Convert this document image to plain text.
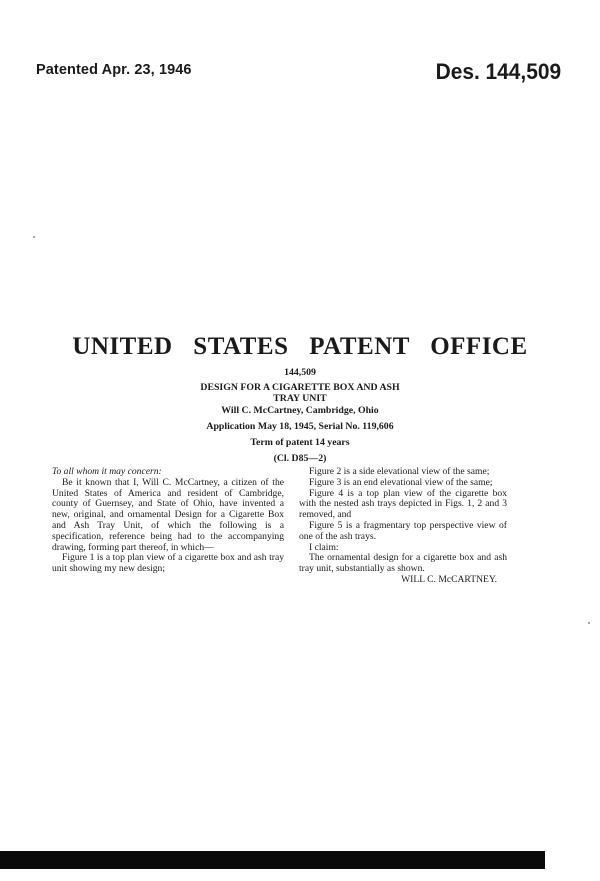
Patented Apr. 23, 1946	Des. 144,509
UNITED STATES PATENT OFFICE
144,509
DESIGN FOR A CIGARETTE BOX AND ASH
TRAY UNIT
Will C. McCartney, Cambridge, Ohio
Application May 18, 1945, Serial No. 119,606
Term of patent 14 years
(Cl. D85—2)

To all whom it may concern:

Be it known that I, Will C. McCartney, a citizen of the United States of America and resident of Cambridge, county of Guernsey, and State of Ohio, have invented a new, original, and ornamental Design for a Cigarette Box and Ash Tray Unit, of which the following is a specification, reference being had to the accompanying drawing, forming part thereof, in which—

Figure 1 is a top plan view of a cigarette box and ash tray unit showing my new design;

Figure 2 is a side elevational view of the same;

Figure 3 is an end elevational view of the same;

Figure 4 is a top plan view of the cigarette box with the nested ash trays depicted in Figs. 1, 2 and 3 removed, and

Figure 5 is a fragmentary top perspective view of one of the ash trays.

I claim:

The ornamental design for a cigarette box and ash tray unit, substantially as shown.

WILL C. McCARTNEY.
